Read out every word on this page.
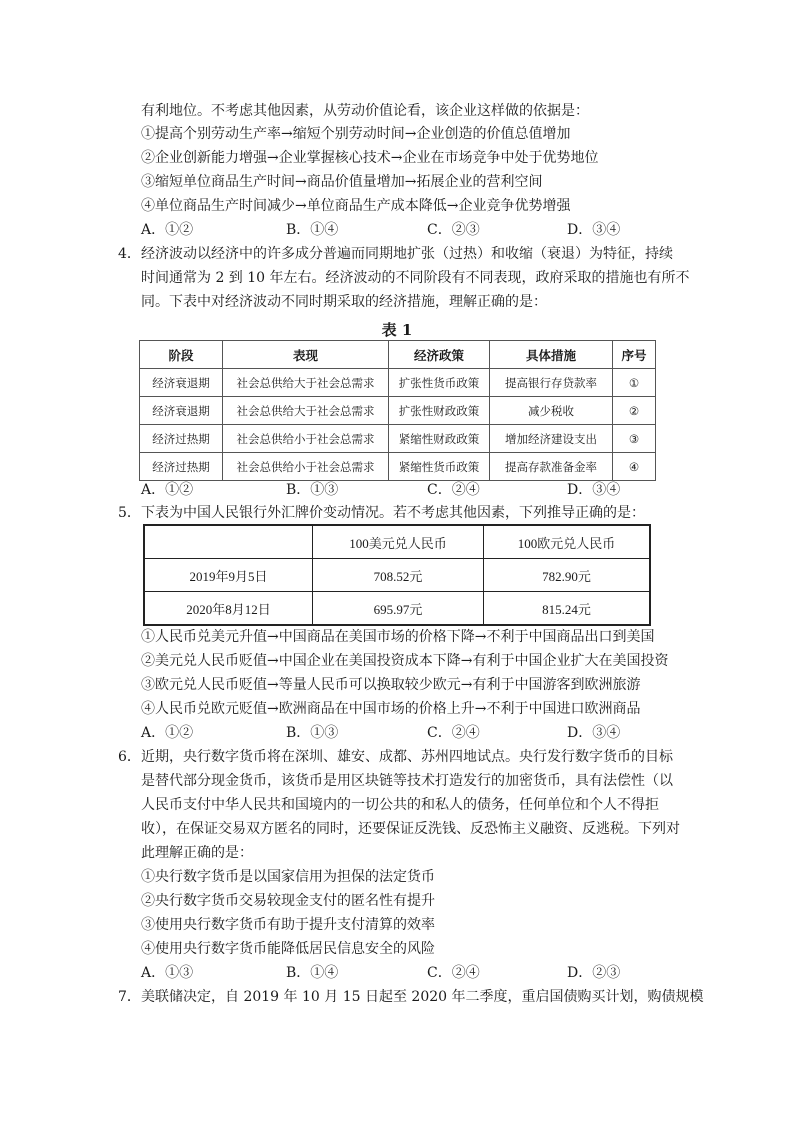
有利地位。不考虑其他因素，从劳动价值论看，该企业这样做的依据是：
①提高个别劳动生产率→缩短个别劳动时间→企业创造的价值总值增加
②企业创新能力增强→企业掌握核心技术→企业在市场竞争中处于优势地位
③缩短单位商品生产时间→商品价值量增加→拓展企业的营利空间
④单位商品生产时间减少→单位商品生产成本降低→企业竞争优势增强
A．①②	B．①④	C．②③	D．③④
4． 经济波动以经济中的许多成分普遍而同期地扩张（过热）和收缩（衰退）为特征，持续
时间通常为 2 到 10 年左右。经济波动的不同阶段有不同表现，政府采取的措施也有所不
同。下表中对经济波动不同时期采取的经济措施，理解正确的是：
表 1
阶段	表现	经济政策	具体措施	序号
经济衰退期	社会总供给大于社会总需求	扩张性货币政策	提高银行存贷款率	①
经济衰退期	社会总供给大于社会总需求	扩张性财政政策	减少税收	②
经济过热期	社会总供给小于社会总需求	紧缩性财政政策	增加经济建设支出	③
经济过热期	社会总供给小于社会总需求	紧缩性货币政策	提高存款准备金率	④
A．①②	B．①③	C．②④	D．③④
5． 下表为中国人民银行外汇牌价变动情况。若不考虑其他因素，下列推导正确的是：
	100美元兑人民币	100欧元兑人民币
2019年9月5日	708.52元	782.90元
2020年8月12日	695.97元	815.24元
①人民币兑美元升值→中国商品在美国市场的价格下降→不利于中国商品出口到美国
②美元兑人民币贬值→中国企业在美国投资成本下降→有利于中国企业扩大在美国投资
③欧元兑人民币贬值→等量人民币可以换取较少欧元→有利于中国游客到欧洲旅游
④人民币兑欧元贬值→欧洲商品在中国市场的价格上升→不利于中国进口欧洲商品
A．①②	B．①③	C．②④	D．③④
6． 近期，央行数字货币将在深圳、雄安、成都、苏州四地试点。央行发行数字货币的目标
是替代部分现金货币，该货币是用区块链等技术打造发行的加密货币，具有法偿性（以
人民币支付中华人民共和国境内的一切公共的和私人的债务，任何单位和个人不得拒
收），在保证交易双方匿名的同时，还要保证反洗钱、反恐怖主义融资、反逃税。下列对
此理解正确的是：
①央行数字货币是以国家信用为担保的法定货币
②央行数字货币交易较现金支付的匿名性有提升
③使用央行数字货币有助于提升支付清算的效率
④使用央行数字货币能降低居民信息安全的风险
A．①③	B．①④	C．②④	D．②③
7． 美联储决定，自 2019 年 10 月 15 日起至 2020 年二季度，重启国债购买计划，购债规模
